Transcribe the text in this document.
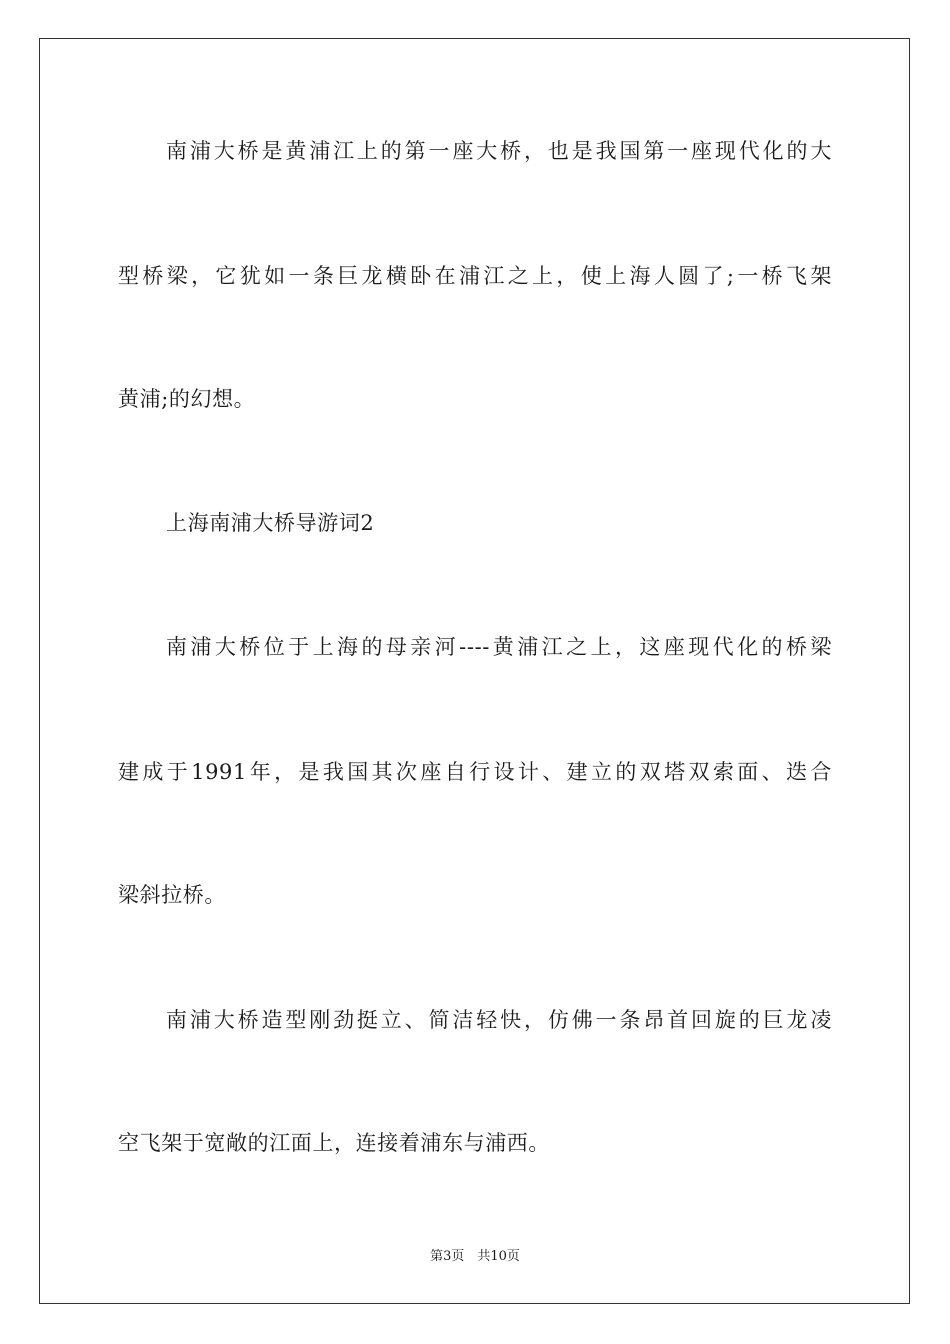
南浦大桥是黄浦江上的第一座大桥，也是我国第一座现代化的大
型桥梁，它犹如一条巨龙横卧在浦江之上，使上海人圆了;一桥飞架
黄浦;的幻想。
上海南浦大桥导游词2
南浦大桥位于上海的母亲河----黄浦江之上，这座现代化的桥梁
建成于1991年，是我国其次座自行设计、建立的双塔双索面、迭合
梁斜拉桥。
南浦大桥造型刚劲挺立、简洁轻快，仿佛一条昂首回旋的巨龙凌
空飞架于宽敞的江面上，连接着浦东与浦西。
第3页　共10页
